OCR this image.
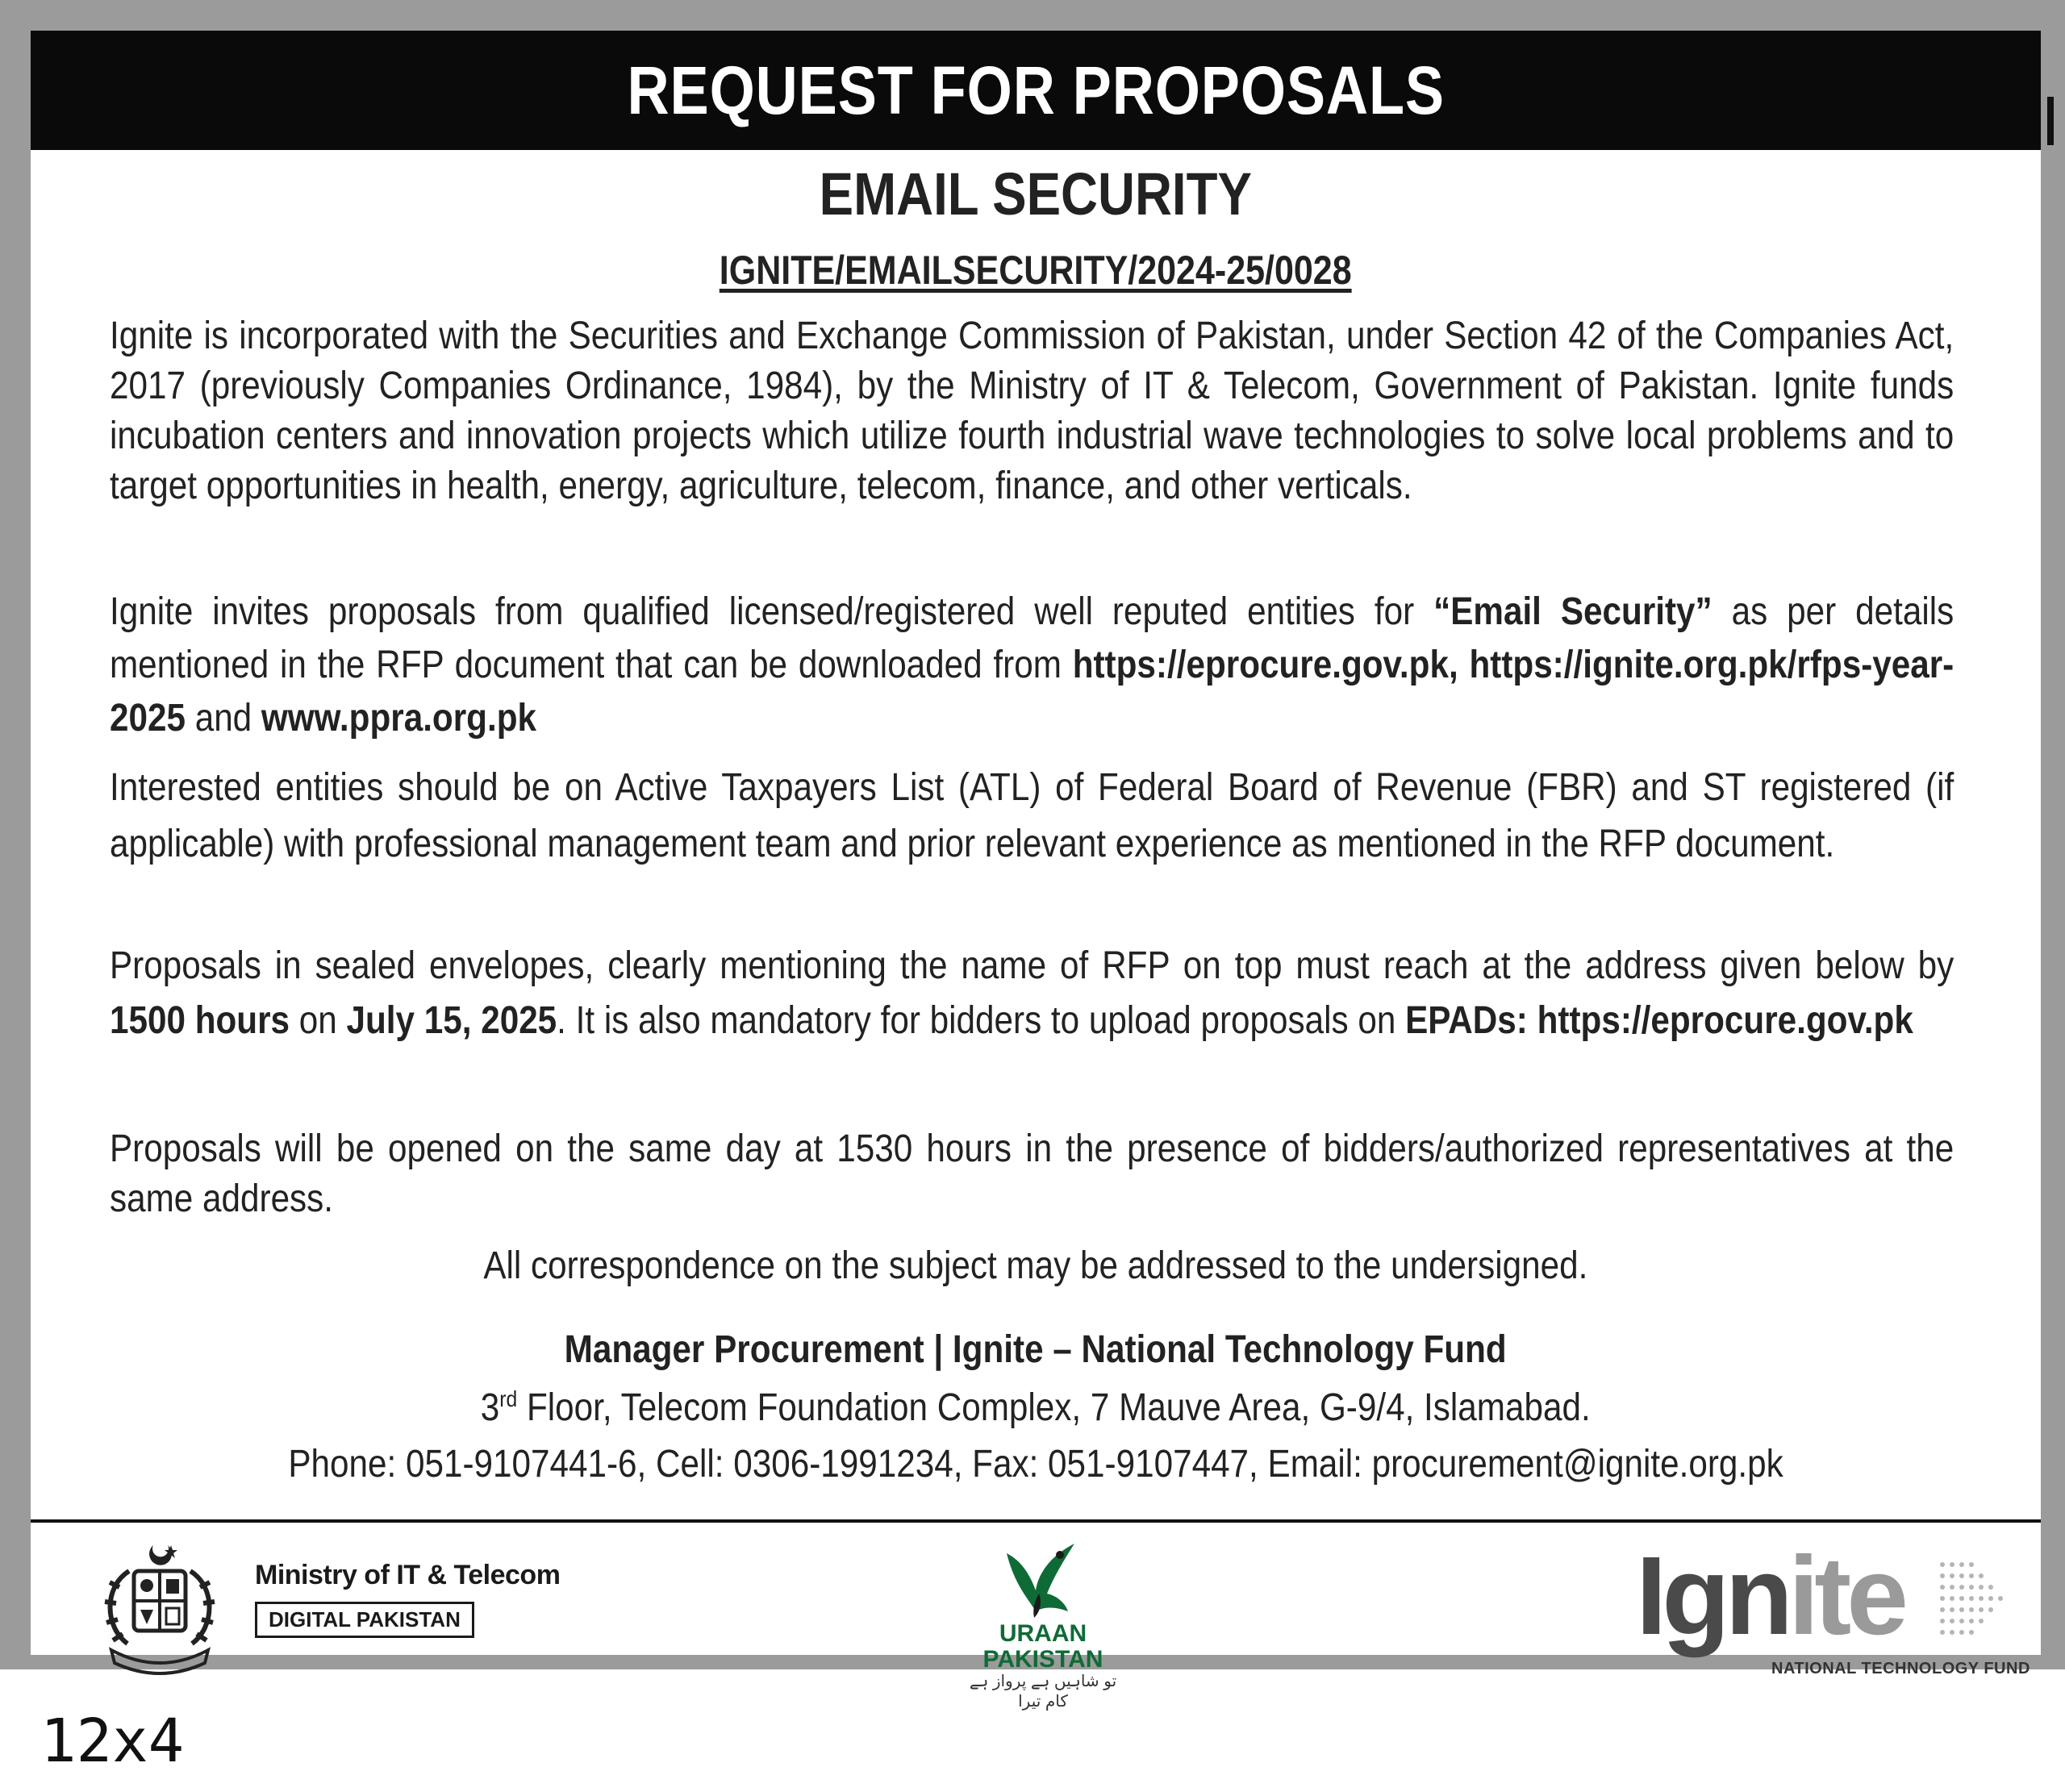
REQUEST FOR PROPOSALS
EMAIL SECURITY
IGNITE/EMAILSECURITY/2024-25/0028
Ignite is incorporated with the Securities and Exchange Commission of Pakistan, under Section 42 of the Companies Act, 2017 (previously Companies Ordinance, 1984), by the Ministry of IT & Telecom, Government of Pakistan. Ignite funds incubation centers and innovation projects which utilize fourth industrial wave technologies to solve local problems and to target opportunities in health, energy, agriculture, telecom, finance, and other verticals.
Ignite invites proposals from qualified licensed/registered well reputed entities for “Email Security” as per details mentioned in the RFP document that can be downloaded from https://eprocure.gov.pk, https://ignite.org.pk/rfps-year-2025 and www.ppra.org.pk
Interested entities should be on Active Taxpayers List (ATL) of Federal Board of Revenue (FBR) and ST registered (if applicable) with professional management team and prior relevant experience as mentioned in the RFP document.
Proposals in sealed envelopes, clearly mentioning the name of RFP on top must reach at the address given below by 1500 hours on July 15, 2025. It is also mandatory for bidders to upload proposals on EPADs: https://eprocure.gov.pk
Proposals will be opened on the same day at 1530 hours in the presence of bidders/authorized representatives at the same address.
All correspondence on the subject may be addressed to the undersigned.
Manager Procurement | Ignite – National Technology Fund
3rd Floor, Telecom Foundation Complex, 7 Mauve Area, G-9/4, Islamabad.
Phone: 051-9107441-6, Cell: 0306-1991234, Fax: 051-9107447, Email: procurement@ignite.org.pk
Ministry of IT & Telecom
DIGITAL PAKISTAN
URAAN
PAKISTAN
تو شاہیں ہے پرواز ہے کام تیرا
Ignite
NATIONAL TECHNOLOGY FUND
12x4
